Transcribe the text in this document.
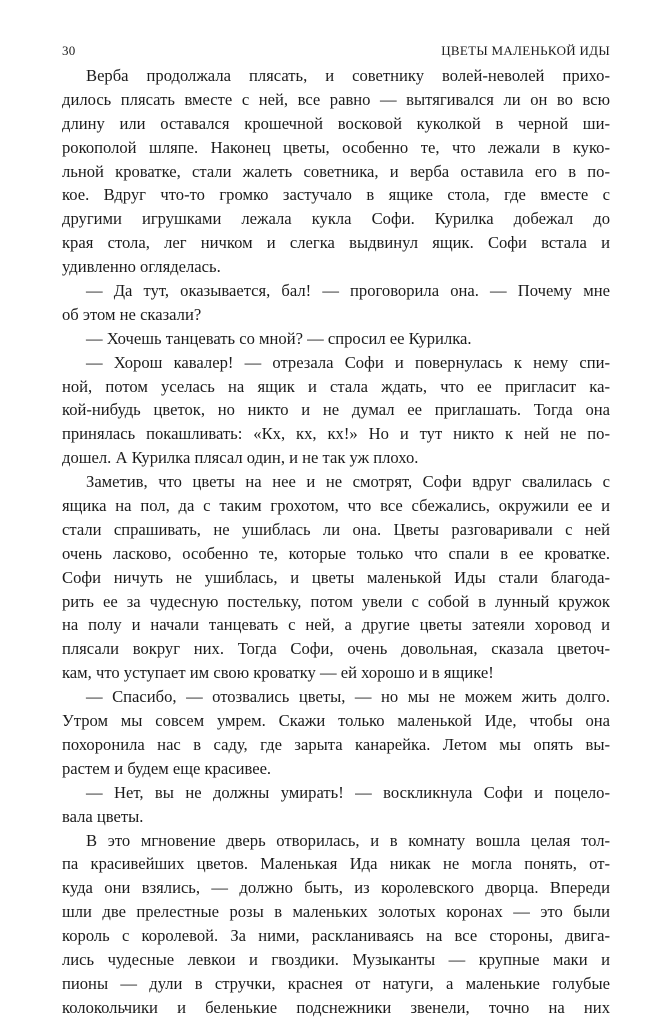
30	ЦВЕТЫ МАЛЕНЬКОЙ ИДЫ
Верба продолжала плясать, и советнику волей-неволей прихо-
дилось плясать вместе с ней, все равно — вытягивался ли он во всю
длину или оставался крошечной восковой куколкой в черной ши-
рокополой шляпе. Наконец цветы, особенно те, что лежали в куко-
льной кроватке, стали жалеть советника, и верба оставила его в по-
кое. Вдруг что-то громко застучало в ящике стола, где вместе с
другими игрушками лежала кукла Софи. Курилка добежал до
края стола, лег ничком и слегка выдвинул ящик. Софи встала и
удивленно огляделась.
— Да тут, оказывается, бал! — проговорила она. — Почему мне
об этом не сказали?
— Хочешь танцевать со мной? — спросил ее Курилка.
— Хорош кавалер! — отрезала Софи и повернулась к нему спи-
ной, потом уселась на ящик и стала ждать, что ее пригласит ка-
кой-нибудь цветок, но никто и не думал ее приглашать. Тогда она
принялась покашливать: «Кх, кх, кх!» Но и тут никто к ней не по-
дошел. А Курилка плясал один, и не так уж плохо.
Заметив, что цветы на нее и не смотрят, Софи вдруг свалилась с
ящика на пол, да с таким грохотом, что все сбежались, окружили ее и
стали спрашивать, не ушиблась ли она. Цветы разговаривали с ней
очень ласково, особенно те, которые только что спали в ее кроватке.
Софи ничуть не ушиблась, и цветы маленькой Иды стали благода-
рить ее за чудесную постельку, потом увели с собой в лунный кружок
на полу и начали танцевать с ней, а другие цветы затеяли хоровод и
плясали вокруг них. Тогда Софи, очень довольная, сказала цветоч-
кам, что уступает им свою кроватку — ей хорошо и в ящике!
— Спасибо, — отозвались цветы, — но мы не можем жить долго.
Утром мы совсем умрем. Скажи только маленькой Иде, чтобы она
похоронила нас в саду, где зарыта канарейка. Летом мы опять вы-
растем и будем еще красивее.
— Нет, вы не должны умирать! — воскликнула Софи и поцело-
вала цветы.
В это мгновение дверь отворилась, и в комнату вошла целая тол-
па красивейших цветов. Маленькая Ида никак не могла понять, от-
куда они взялись, — должно быть, из королевского дворца. Впереди
шли две прелестные розы в маленьких золотых коронах — это были
король с королевой. За ними, раскланиваясь на все стороны, двига-
лись чудесные левкои и гвоздики. Музыканты — крупные маки и
пионы — дули в стручки, краснея от натуги, а маленькие голубые
колокольчики и беленькие подснежники звенели, точно на них
